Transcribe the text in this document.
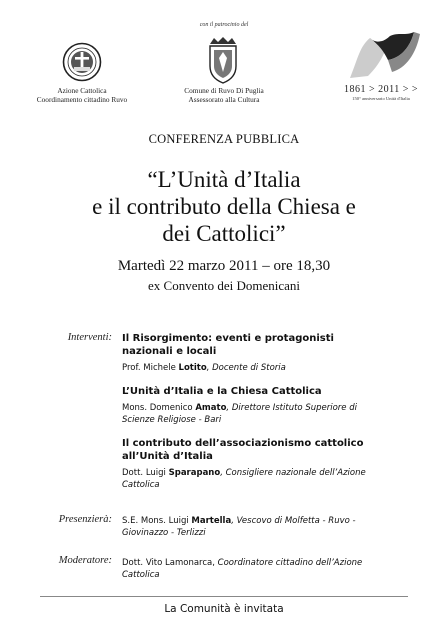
con il patrocinio del
Azione Cattolica
Coordinamento cittadino Ruvo
Comune di Ruvo Di Puglia
Assessorato alla Cultura
1861 > 2011 > >
150° anniversario Unità d'Italia
CONFERENZA PUBBLICA
“L’Unità d’Italia
e il contributo della Chiesa e
dei Cattolici”
Martedì 22 marzo 2011 – ore 18,30
ex Convento dei Domenicani
Interventi: Il Risorgimento: eventi e protagonisti nazionali e locali
Prof. Michele Lotito, Docente di Storia
L’Unità d’Italia e la Chiesa Cattolica
Mons. Domenico Amato, Direttore Istituto Superiore di Scienze Religiose - Bari
Il contributo dell’associazionismo cattolico all’Unità d’Italia
Dott. Luigi Sparapano, Consigliere nazionale dell’Azione Cattolica
Presenzierà: S.E. Mons. Luigi Martella, Vescovo di Molfetta - Ruvo - Giovinazzo - Terlizzi
Moderatore: Dott. Vito Lamonarca, Coordinatore cittadino dell’Azione Cattolica
La Comunità è invitata
